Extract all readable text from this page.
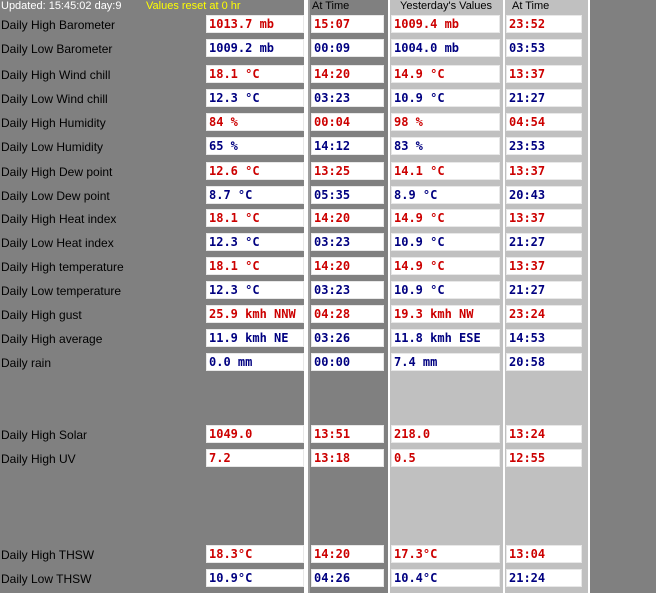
Updated: 15:45:02 day:9 Values reset at 0 hr	At Time	Yesterday's Values At Time
Daily High Barometer	1013.7 mb	15:07	1009.4 mb	23:52
Daily Low Barometer	1009.2 mb	00:09	1004.0 mb	03:53
Daily High Wind chill	18.1 °C	14:20	14.9 °C	13:37
Daily Low Wind chill	12.3 °C	03:23	10.9 °C	21:27
Daily High Humidity	84 %	00:04	98 %	04:54
Daily Low Humidity	65 %	14:12	83 %	23:53
Daily High Dew point	12.6 °C	13:25	14.1 °C	13:37
Daily Low Dew point	8.7 °C	05:35	8.9 °C	20:43
Daily High Heat index	18.1 °C	14:20	14.9 °C	13:37
Daily Low Heat index	12.3 °C	03:23	10.9 °C	21:27
Daily High temperature	18.1 °C	14:20	14.9 °C	13:37
Daily Low temperature	12.3 °C	03:23	10.9 °C	21:27
Daily High gust	25.9 kmh NNW	04:28	19.3 kmh NW	23:24
Daily High average	11.9 kmh NE	03:26	11.8 kmh ESE	14:53
Daily rain	0.0 mm	00:00	7.4 mm	20:58
Daily High Solar	1049.0	13:51	218.0	13:24
Daily High UV	7.2	13:18	0.5	12:55
Daily High THSW	18.3°C	14:20	17.3°C	13:04
Daily Low THSW	10.9°C	04:26	10.4°C	21:24
